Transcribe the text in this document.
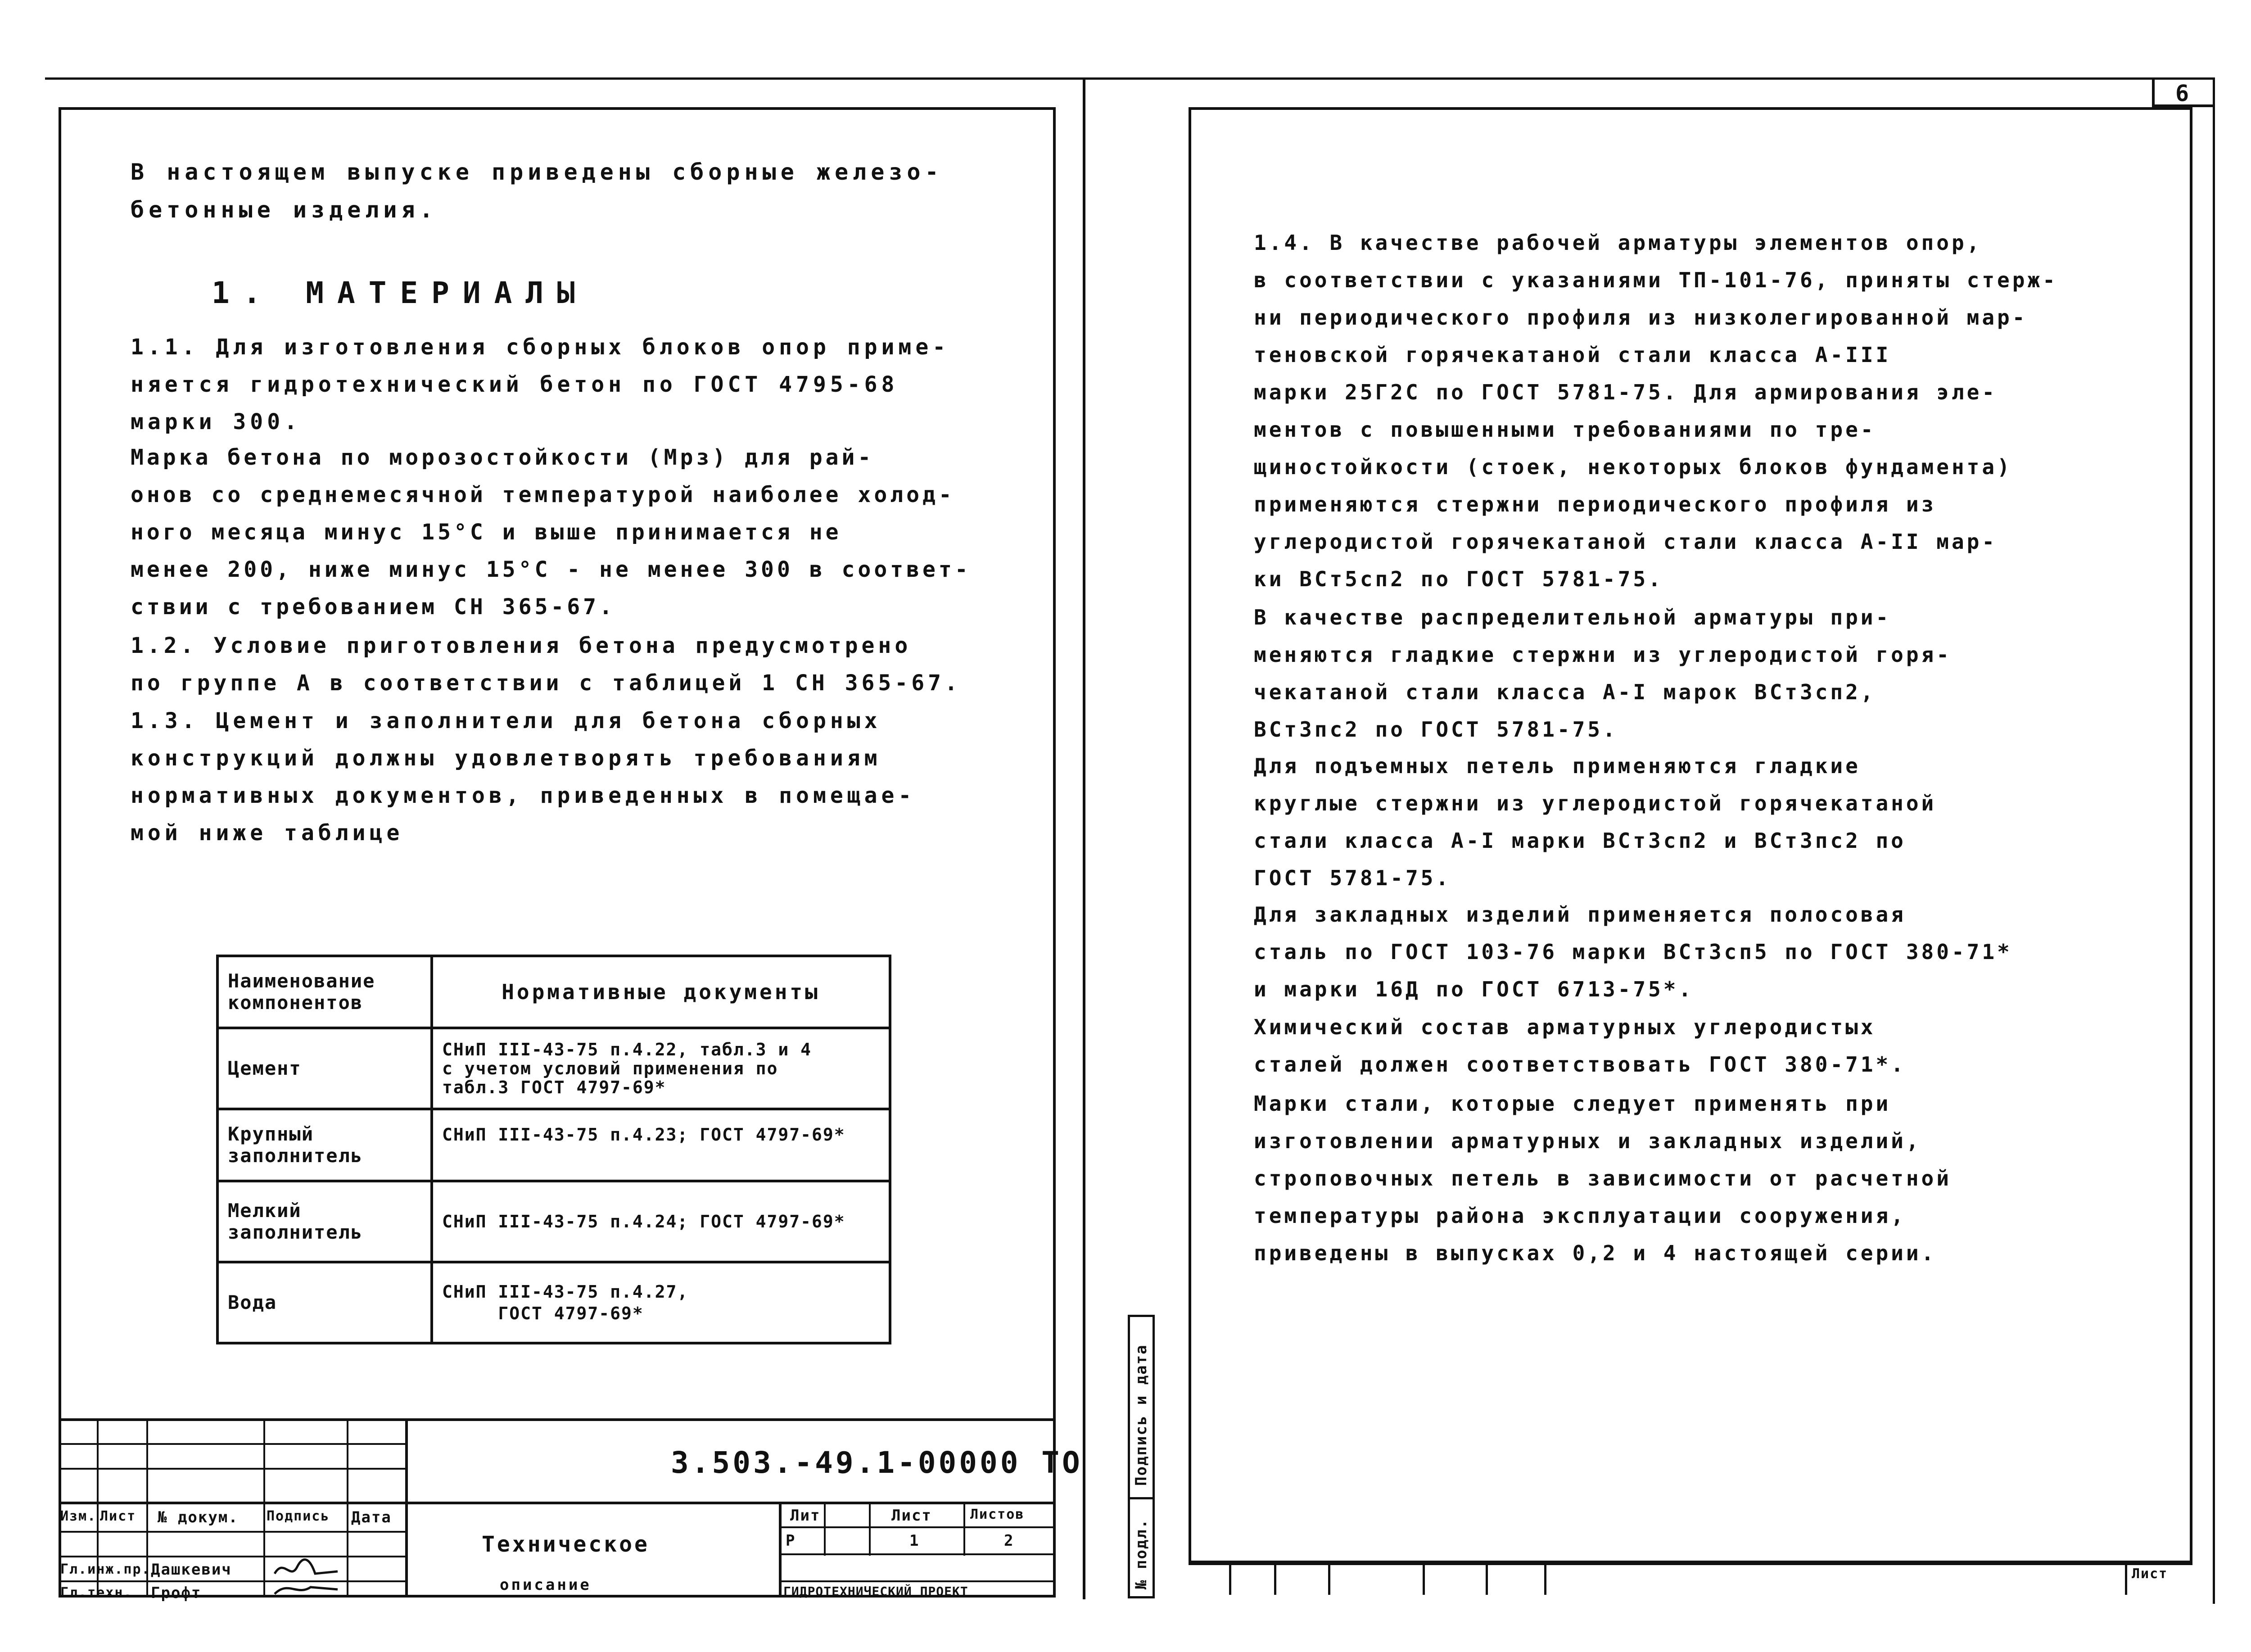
В настоящем выпуске приведены сборные железо-
бетонные изделия.
1. МАТЕРИАЛЫ
1.1. Для изготовления сборных блоков опор приме-
няется гидротехнический бетон по ГОСТ 4795-68
марки 300.
Марка бетона по морозостойкости (Мрз) для рай-
онов со среднемесячной температурой наиболее холод-
ного месяца минус 15°С и выше принимается не
менее 200, ниже минус 15°С - не менее 300 в соответ-
ствии с требованием СН 365-67.
1.2. Условие приготовления бетона предусмотрено
по группе А в соответствии с таблицей 1 СН 365-67.
1.3. Цемент и заполнители для бетона сборных
конструкций должны удовлетворять требованиям
нормативных документов, приведенных в помещае-
мой ниже таблице
Наименование
компонентов	Нормативные документы
Цемент	СНиП III-43-75 п.4.22, табл.3 и 4
с учетом условий применения по
табл.3 ГОСТ 4797-69*
Крупный
заполнитель	СНиП III-43-75 п.4.23; ГОСТ 4797-69*
Мелкий
заполнитель	СНиП III-43-75 п.4.24; ГОСТ 4797-69*
Вода	СНиП III-43-75 п.4.27,
ГОСТ 4797-69*
Изм. Лист № докум. Подпись Дата
Гл.инж.пр. Дашкевич
Гл.техн. Грофт
3.503.-49.1-00000 ТО
Техническое
описание
Лит	Лист	Листов
Р	1	2
ГИДРОТЕХНИЧЕСКИЙ ПРОЕКТ
6
1.4. В качестве рабочей арматуры элементов опор,
в соответствии с указаниями ТП-101-76, приняты стерж-
ни периодического профиля из низколегированной мар-
теновской горячекатаной стали класса А-III
марки 25Г2С по ГОСТ 5781-75. Для армирования эле-
ментов с повышенными требованиями по тре-
щиностойкости (стоек, некоторых блоков фундамента)
применяются стержни периодического профиля из
углеродистой горячекатаной стали класса А-II мар-
ки ВСт5сп2 по ГОСТ 5781-75.
В качестве распределительной арматуры при-
меняются гладкие стержни из углеродистой горя-
чекатаной стали класса А-I марок ВСт3сп2,
ВСт3пс2 по ГОСТ 5781-75.
Для подъемных петель применяются гладкие
круглые стержни из углеродистой горячекатаной
стали класса А-I марки ВСт3сп2 и ВСт3пс2 по
ГОСТ 5781-75.
Для закладных изделий применяется полосовая
сталь по ГОСТ 103-76 марки ВСт3сп5 по ГОСТ 380-71*
и марки 16Д по ГОСТ 6713-75*.
Химический состав арматурных углеродистых
сталей должен соответствовать ГОСТ 380-71*.
Марки стали, которые следует применять при
изготовлении арматурных и закладных изделий,
строповочных петель в зависимости от расчетной
температуры района эксплуатации сооружения,
приведены в выпусках 0,2 и 4 настоящей серии.
Подпись и дата
№ подл.	Лист
